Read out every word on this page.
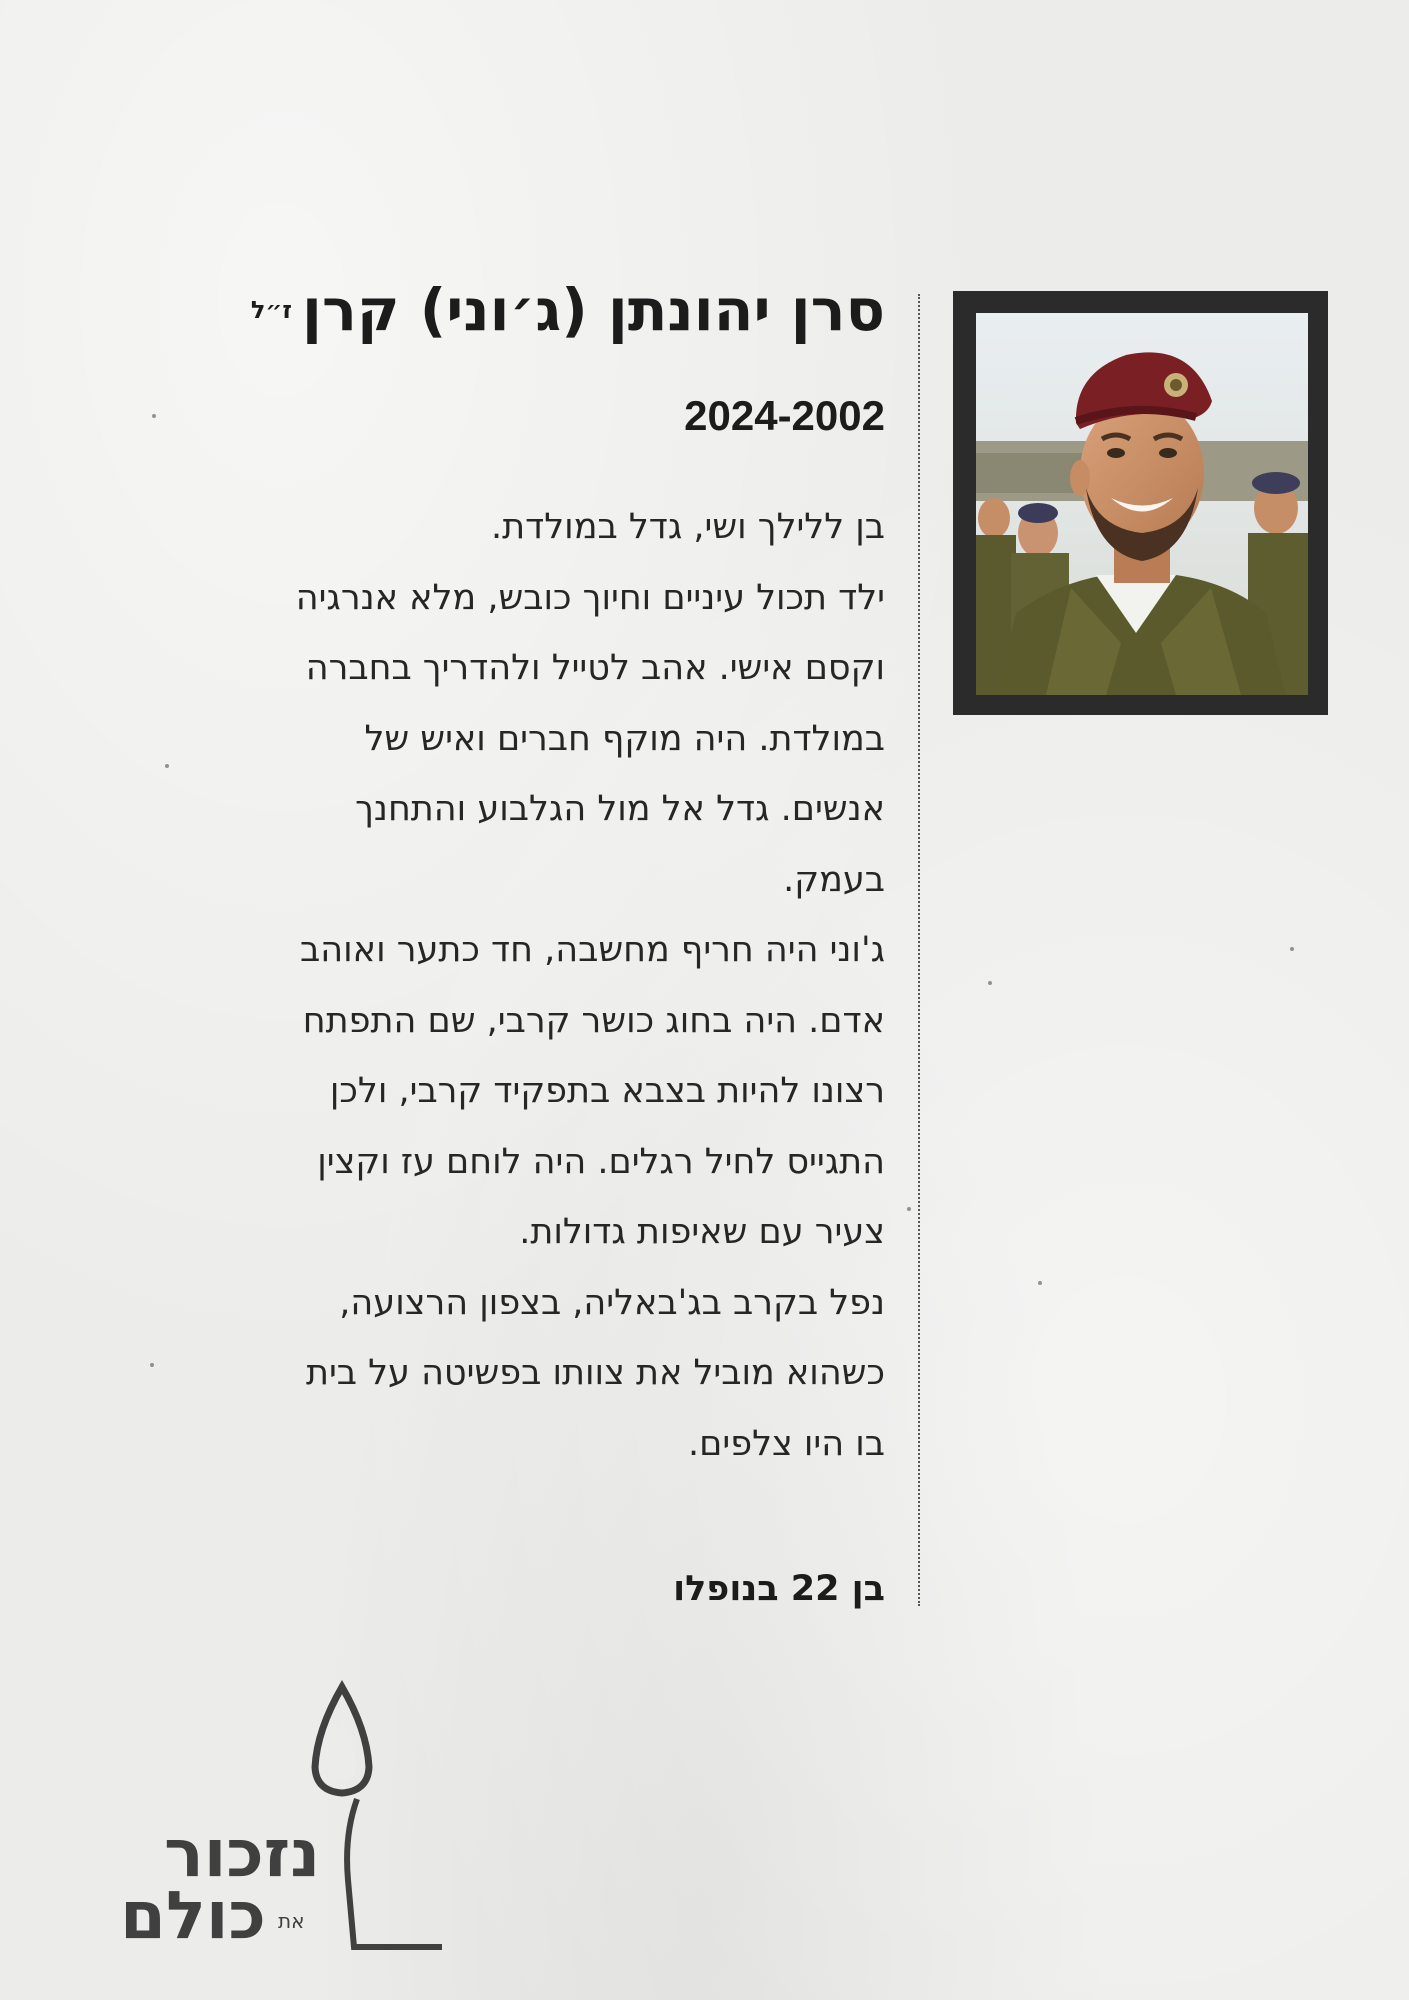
סרן יהונתן (ג׳וני) קרן$^{ז״ל}$
2024-2002
בן ללילך ושי, גדל במולדת.
ילד תכול עיניים וחיוך כובש, מלא אנרגיה
וקסם אישי. אהב לטייל ולהדריך בחברה
במולדת. היה מוקף חברים ואיש של
אנשים. גדל אל מול הגלבוע והתחנך
בעמק.
ג'וני היה חריף מחשבה, חד כתער ואוהב
אדם. היה בחוג כושר קרבי, שם התפתח
רצונו להיות בצבא בתפקיד קרבי, ולכן
התגייס לחיל רגלים. היה לוחם עז וקצין
צעיר עם שאיפות גדולות.
נפל בקרב בג'באליה, בצפון הרצועה,
כשהוא מוביל את צוותו בפשיטה על בית
בו היו צלפים.
בן 22 בנופלו
נזכור
את
כולם
